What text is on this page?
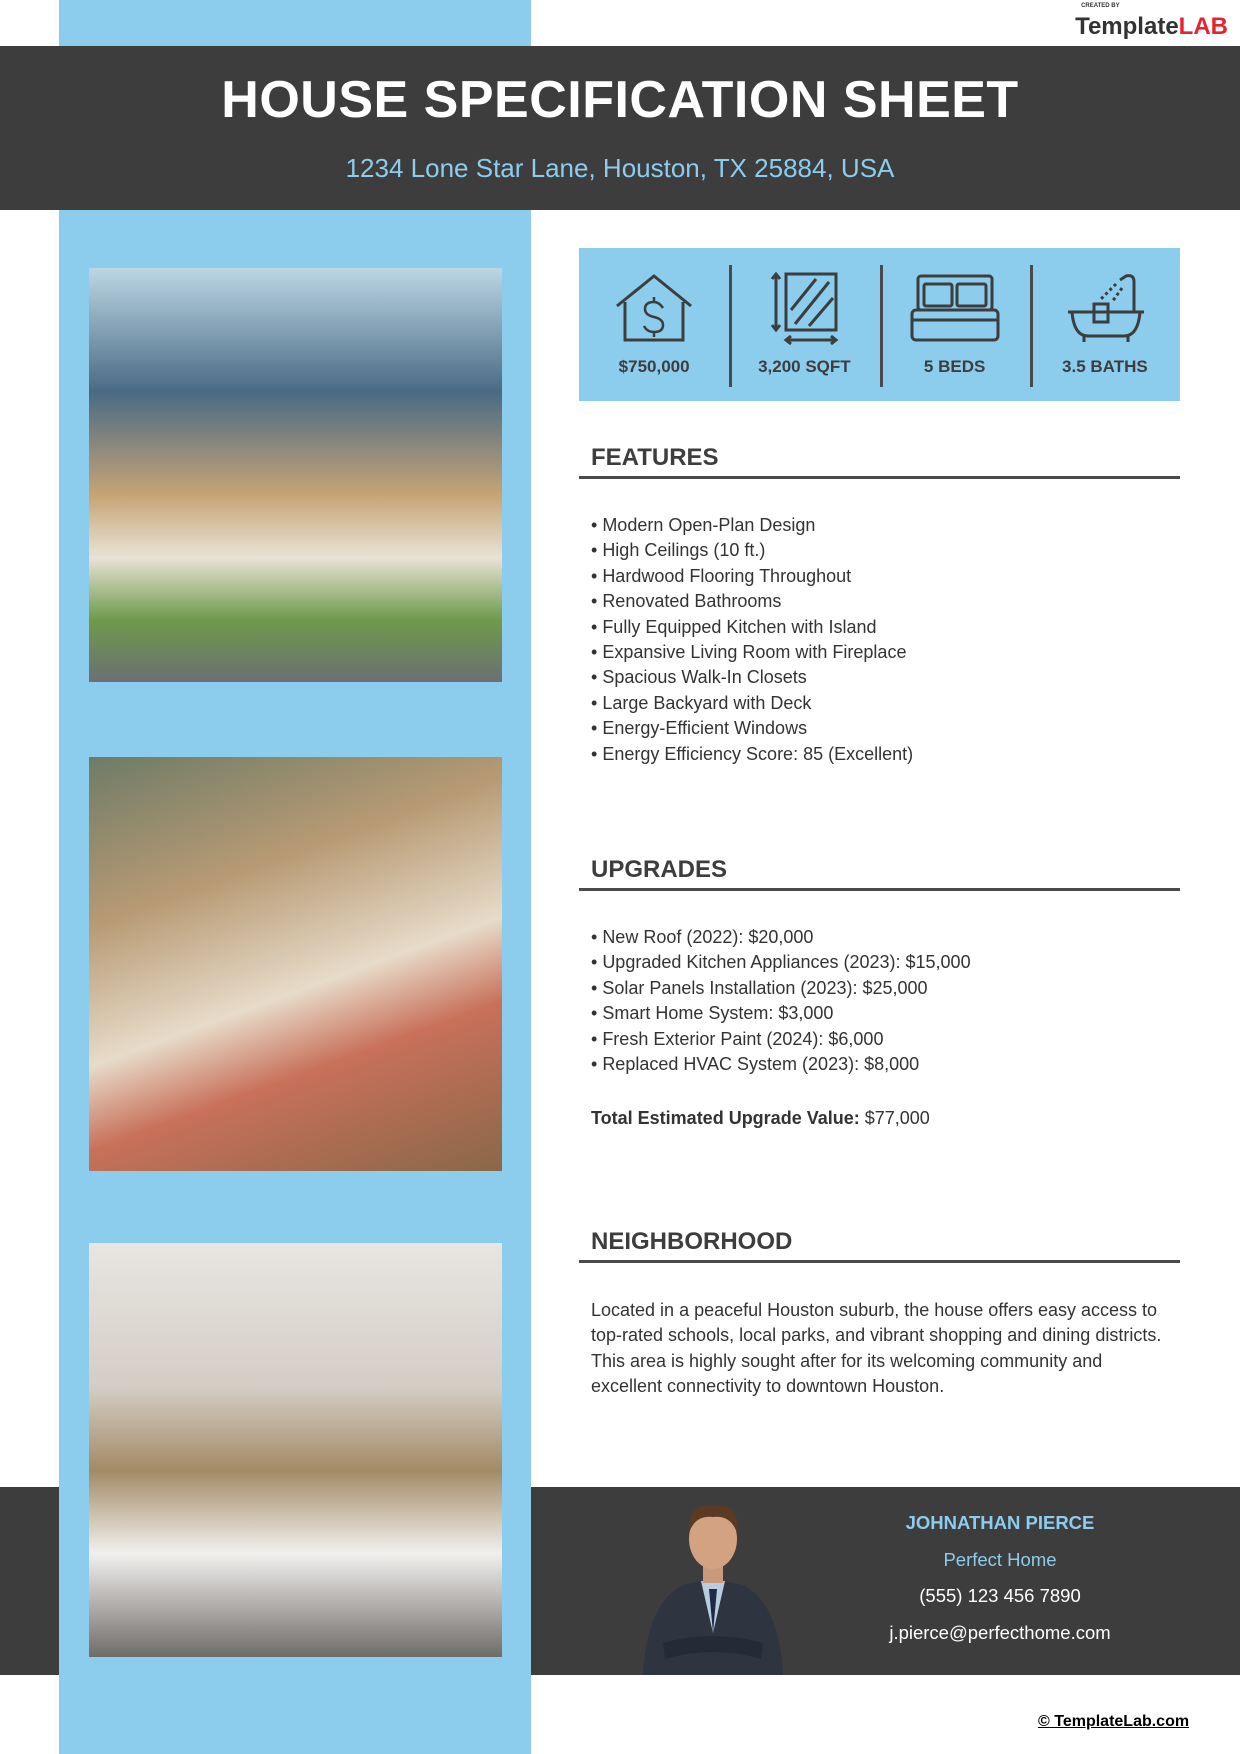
HOUSE SPECIFICATION SHEET
1234 Lone Star Lane, Houston, TX 25884, USA
CREATED BY
TemplateLAB
$750,000	3,200 SQFT	5 BEDS	3.5 BATHS
FEATURES
• Modern Open-Plan Design
• High Ceilings (10 ft.)
• Hardwood Flooring Throughout
• Renovated Bathrooms
• Fully Equipped Kitchen with Island
• Expansive Living Room with Fireplace
• Spacious Walk-In Closets
• Large Backyard with Deck
• Energy-Efficient Windows
• Energy Efficiency Score: 85 (Excellent)
UPGRADES
• New Roof (2022): $20,000
• Upgraded Kitchen Appliances (2023): $15,000
• Solar Panels Installation (2023): $25,000
• Smart Home System: $3,000
• Fresh Exterior Paint (2024): $6,000
• Replaced HVAC System (2023): $8,000
Total Estimated Upgrade Value: $77,000
NEIGHBORHOOD
Located in a peaceful Houston suburb, the house offers easy access to top-rated schools, local parks, and vibrant shopping and dining districts. This area is highly sought after for its welcoming community and excellent connectivity to downtown Houston.
JOHNATHAN PIERCE
Perfect Home
(555) 123 456 7890
j.pierce@perfecthome.com
© TemplateLab.com
